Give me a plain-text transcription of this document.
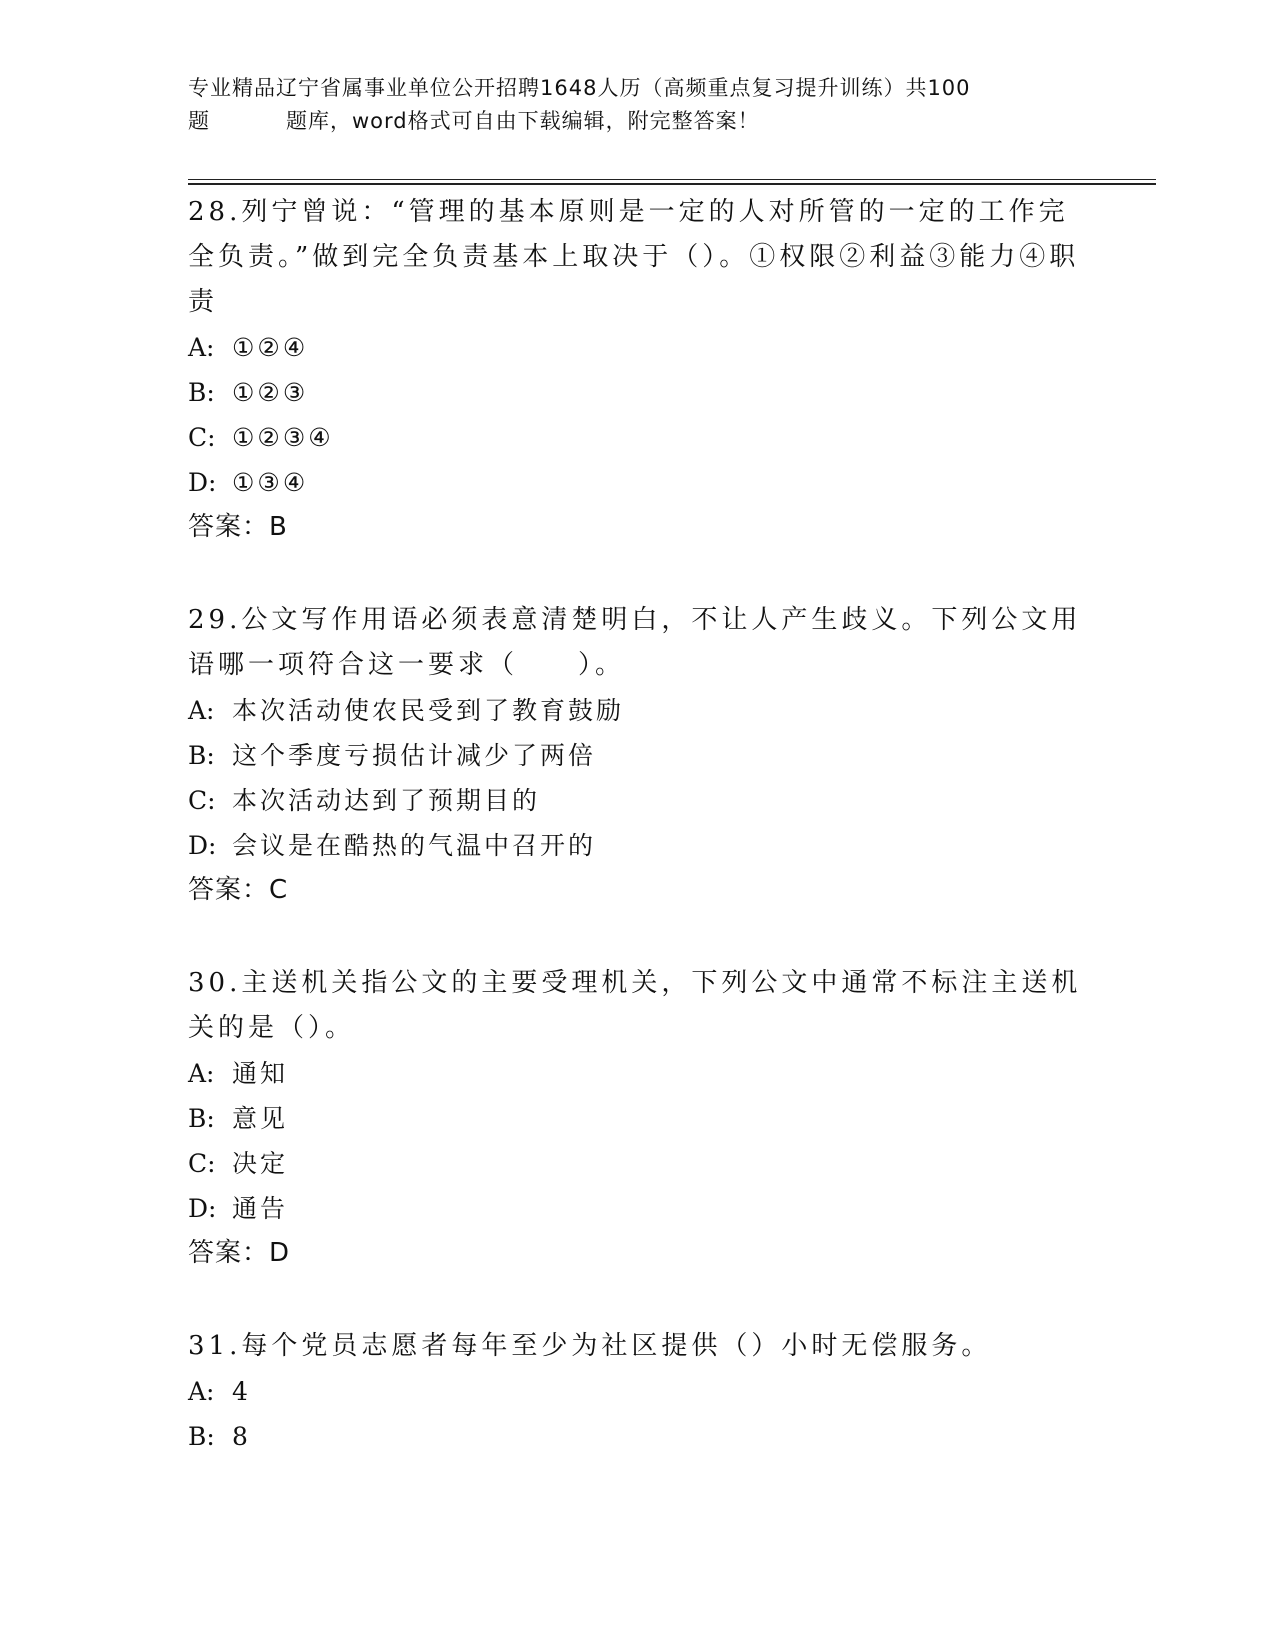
专业精品辽宁省属事业单位公开招聘1648人历（高频重点复习提升训练）共100
题	题库，word格式可自由下载编辑，附完整答案！

28.列宁曾说：“管理的基本原则是一定的人对所管的一定的工作完全负责。”做到完全负责基本上取决于（）。①权限②利益③能力④职责

A: ①②④

B: ①②③

C: ①②③④

D: ①③④

答案：B

29.公文写作用语必须表意清楚明白，不让人产生歧义。下列公文用语哪一项符合这一要求（　　）。

A: 本次活动使农民受到了教育鼓励

B: 这个季度亏损估计减少了两倍

C: 本次活动达到了预期目的

D: 会议是在酷热的气温中召开的

答案：C

30.主送机关指公文的主要受理机关，下列公文中通常不标注主送机关的是（）。

A: 通知

B: 意见

C: 决定

D: 通告

答案：D

31.每个党员志愿者每年至少为社区提供（）小时无偿服务。

A: 4

B: 8
